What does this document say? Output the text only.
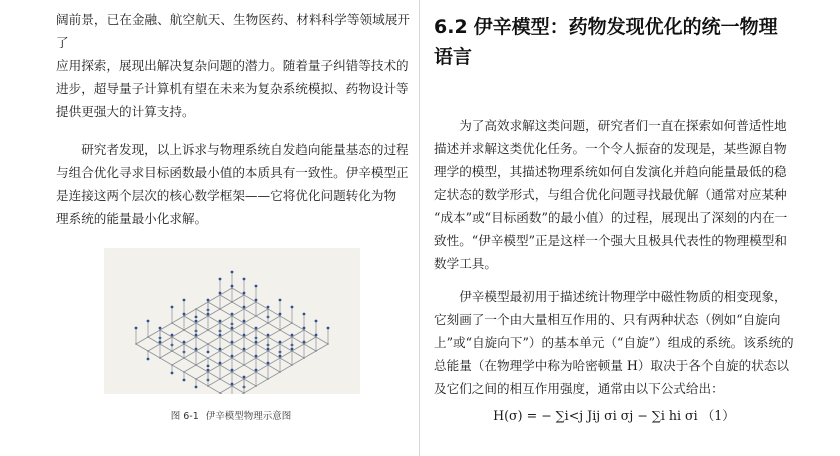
阔前景，已在金融、航空航天、生物医药、材料科学等领域展开了

应用探索，展现出解决复杂问题的潜力。随着量子纠错等技术的

进步，超导量子计算机有望在未来为复杂系统模拟、药物设计等

提供更强大的计算支持。

研究者发现，以上诉求与物理系统自发趋向能量基态的过程

与组合优化寻求目标函数最小值的本质具有一致性。伊辛模型正

是连接这两个层次的核心数学框架——它将优化问题转化为物

理系统的能量最小化求解。

图 6-1 伊辛模型物理示意图
6.2 伊辛模型：药物发现优化的统一物理语言

为了高效求解这类问题，研究者们一直在探索如何普适性地

描述并求解这类优化任务。一个令人振奋的发现是，某些源自物

理学的模型，其描述物理系统如何自发演化并趋向能量最低的稳

定状态的数学形式，与组合优化问题寻找最优解（通常对应某种

“成本”或“目标函数”的最小值）的过程，展现出了深刻的内在一

致性。“伊辛模型”正是这样一个强大且极具代表性的物理模型和

数学工具。

伊辛模型最初用于描述统计物理学中磁性物质的相变现象，

它刻画了一个由大量相互作用的、只有两种状态（例如“自旋向

上”或“自旋向下”）的基本单元（“自旋”）组成的系统。该系统的

总能量（在物理学中称为哈密顿量 H）取决于各个自旋的状态以

及它们之间的相互作用强度，通常由以下公式给出：

H(σ) = − ∑i<j Jij σi σj − ∑i hi σi （1）
